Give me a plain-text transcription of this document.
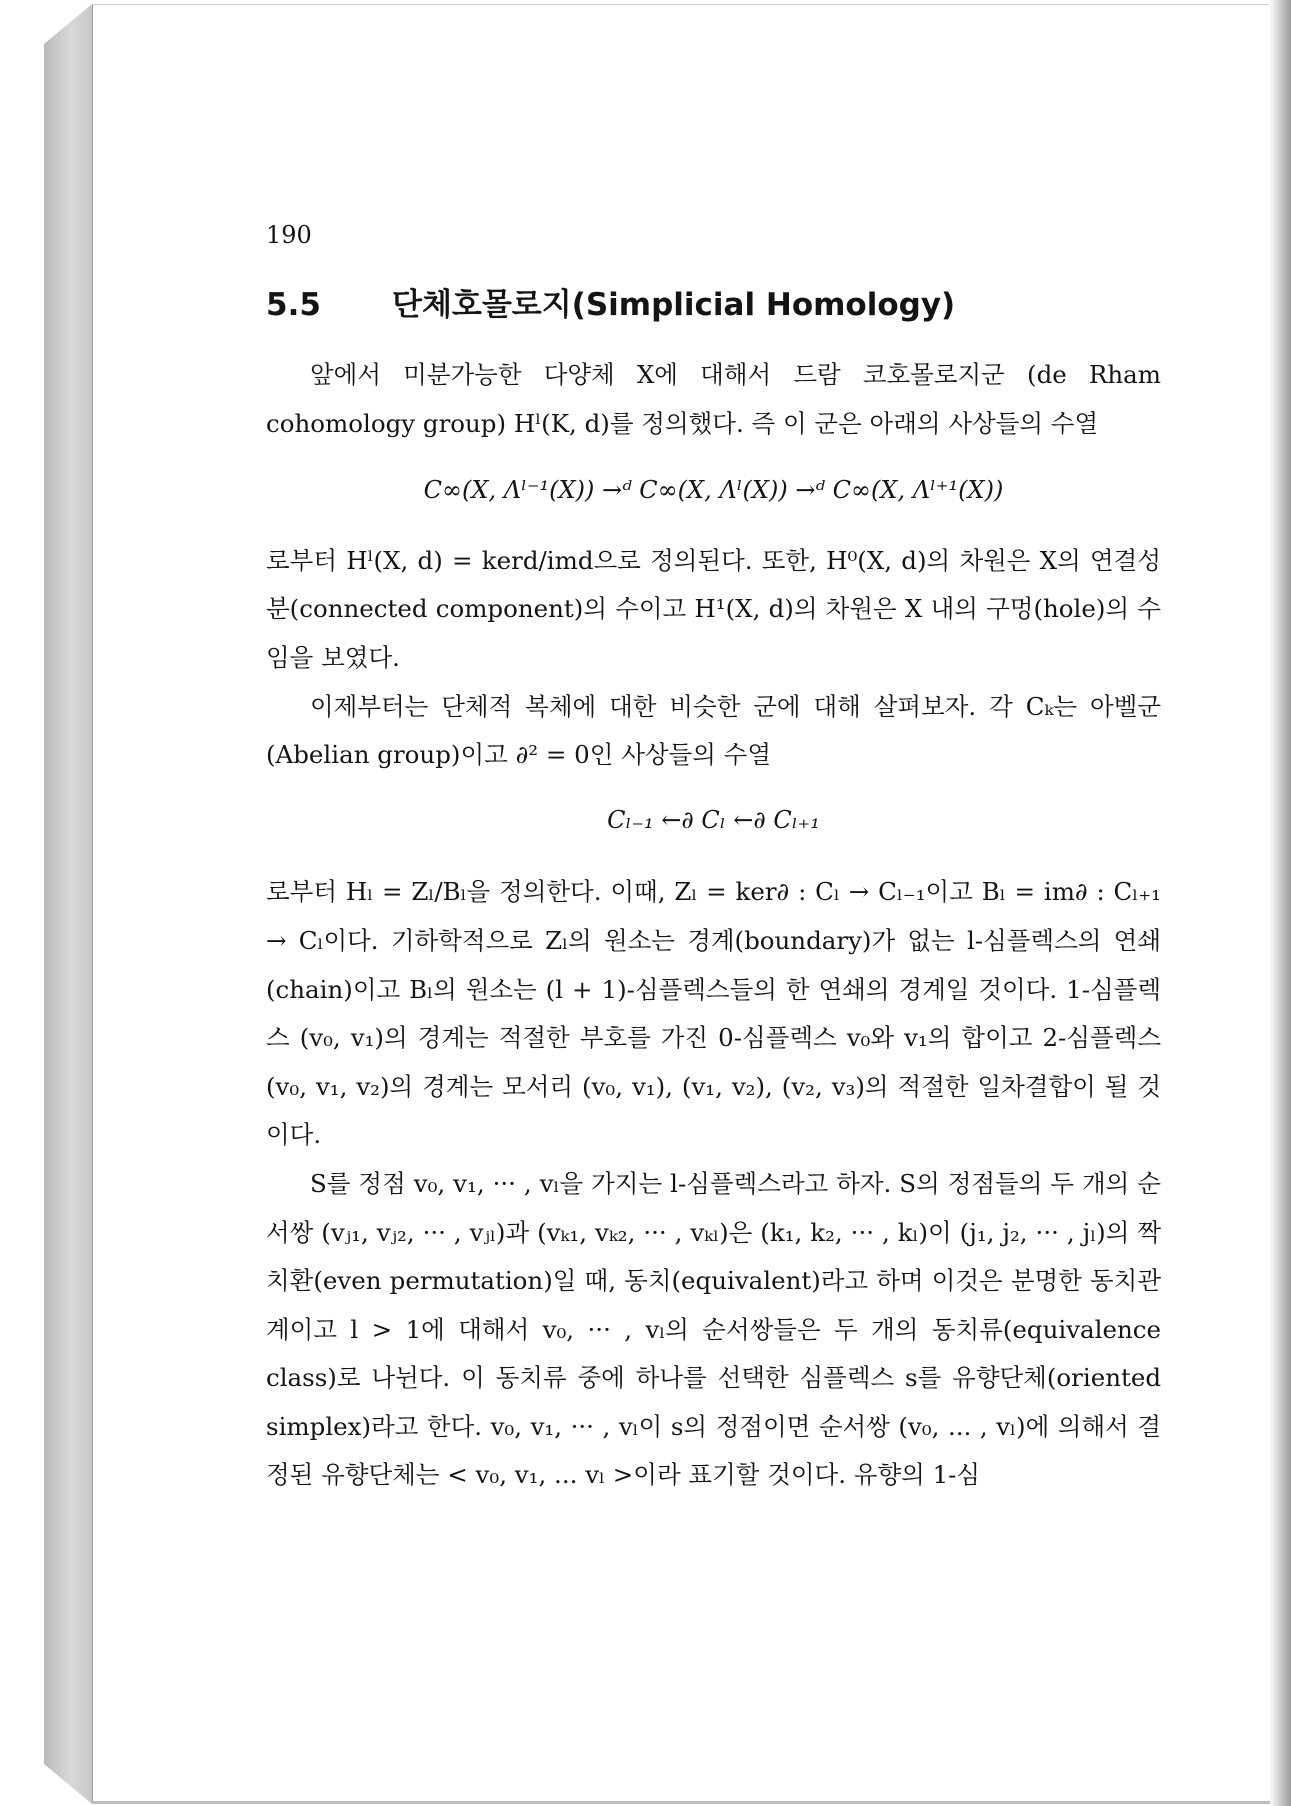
190
5.5 단체호몰로지(Simplicial Homology)

앞에서 미분가능한 다양체 X에 대해서 드람 코호몰로지군 (de Rham cohomology group) Hˡ(K, d)를 정의했다. 즉 이 군은 아래의 사상들의 수열

C∞(X, Λˡ⁻¹(X)) →ᵈ C∞(X, Λˡ(X)) →ᵈ C∞(X, Λˡ⁺¹(X))

로부터 Hˡ(X, d) = kerd/imd으로 정의된다. 또한, H⁰(X, d)의 차원은 X의 연결성분(connected component)의 수이고 H¹(X, d)의 차원은 X 내의 구멍(hole)의 수임을 보였다.

이제부터는 단체적 복체에 대한 비슷한 군에 대해 살펴보자. 각 Cₖ는 아벨군(Abelian group)이고 ∂² = 0인 사상들의 수열

Cₗ₋₁ ←∂ Cₗ ←∂ Cₗ₊₁

로부터 Hₗ = Zₗ/Bₗ을 정의한다. 이때, Zₗ = ker∂ : Cₗ → Cₗ₋₁이고 Bₗ = im∂ : Cₗ₊₁ → Cₗ이다. 기하학적으로 Zₗ의 원소는 경계(boundary)가 없는 l-심플렉스의 연쇄(chain)이고 Bₗ의 원소는 (l + 1)-심플렉스들의 한 연쇄의 경계일 것이다. 1-심플렉스 (v₀, v₁)의 경계는 적절한 부호를 가진 0-심플렉스 v₀와 v₁의 합이고 2-심플렉스 (v₀, v₁, v₂)의 경계는 모서리 (v₀, v₁), (v₁, v₂), (v₂, v₃)의 적절한 일차결합이 될 것이다.

S를 정점 v₀, v₁, ··· , vₗ을 가지는 l-심플렉스라고 하자. S의 정점들의 두 개의 순서쌍 (vⱼ₁, vⱼ₂, ··· , vⱼₗ)과 (vₖ₁, vₖ₂, ··· , vₖₗ)은 (k₁, k₂, ··· , kₗ)이 (j₁, j₂, ··· , jₗ)의 짝치환(even permutation)일 때, 동치(equivalent)라고 하며 이것은 분명한 동치관계이고 l > 1에 대해서 v₀, ··· , vₗ의 순서쌍들은 두 개의 동치류(equivalence class)로 나뉜다. 이 동치류 중에 하나를 선택한 심플렉스 s를 유향단체(oriented simplex)라고 한다. v₀, v₁, ··· , vₗ이 s의 정점이면 순서쌍 (v₀, ... , vₗ)에 의해서 결정된 유향단체는 < v₀, v₁, ... vₗ >이라 표기할 것이다. 유향의 1-심
